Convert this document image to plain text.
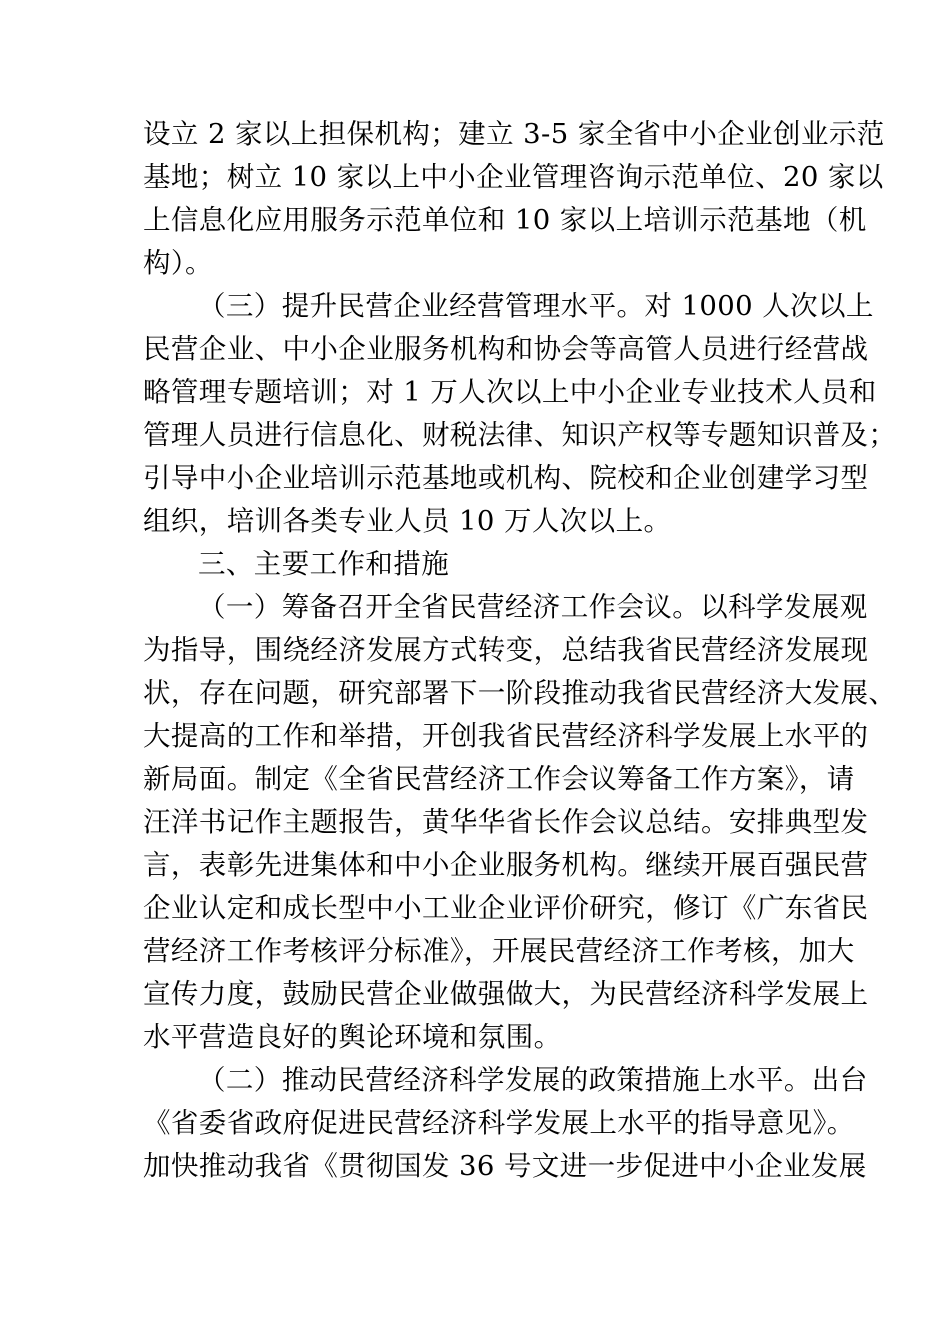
设立 2 家以上担保机构；建立 3-5 家全省中小企业创业示范
基地；树立 10 家以上中小企业管理咨询示范单位、20 家以
上信息化应用服务示范单位和 10 家以上培训示范基地（机
构）。
（三）提升民营企业经营管理水平。对 1000 人次以上
民营企业、中小企业服务机构和协会等高管人员进行经营战
略管理专题培训；对 1 万人次以上中小企业专业技术人员和
管理人员进行信息化、财税法律、知识产权等专题知识普及；
引导中小企业培训示范基地或机构、院校和企业创建学习型
组织，培训各类专业人员 10 万人次以上。
三、主要工作和措施
（一）筹备召开全省民营经济工作会议。以科学发展观
为指导，围绕经济发展方式转变，总结我省民营经济发展现
状，存在问题，研究部署下一阶段推动我省民营经济大发展、
大提高的工作和举措，开创我省民营经济科学发展上水平的
新局面。制定《全省民营经济工作会议筹备工作方案》，请
汪洋书记作主题报告，黄华华省长作会议总结。安排典型发
言，表彰先进集体和中小企业服务机构。继续开展百强民营
企业认定和成长型中小工业企业评价研究，修订《广东省民
营经济工作考核评分标准》，开展民营经济工作考核，加大
宣传力度，鼓励民营企业做强做大，为民营经济科学发展上
水平营造良好的舆论环境和氛围。
（二）推动民营经济科学发展的政策措施上水平。出台
《省委省政府促进民营经济科学发展上水平的指导意见》。
加快推动我省《贯彻国发 36 号文进一步促进中小企业发展
